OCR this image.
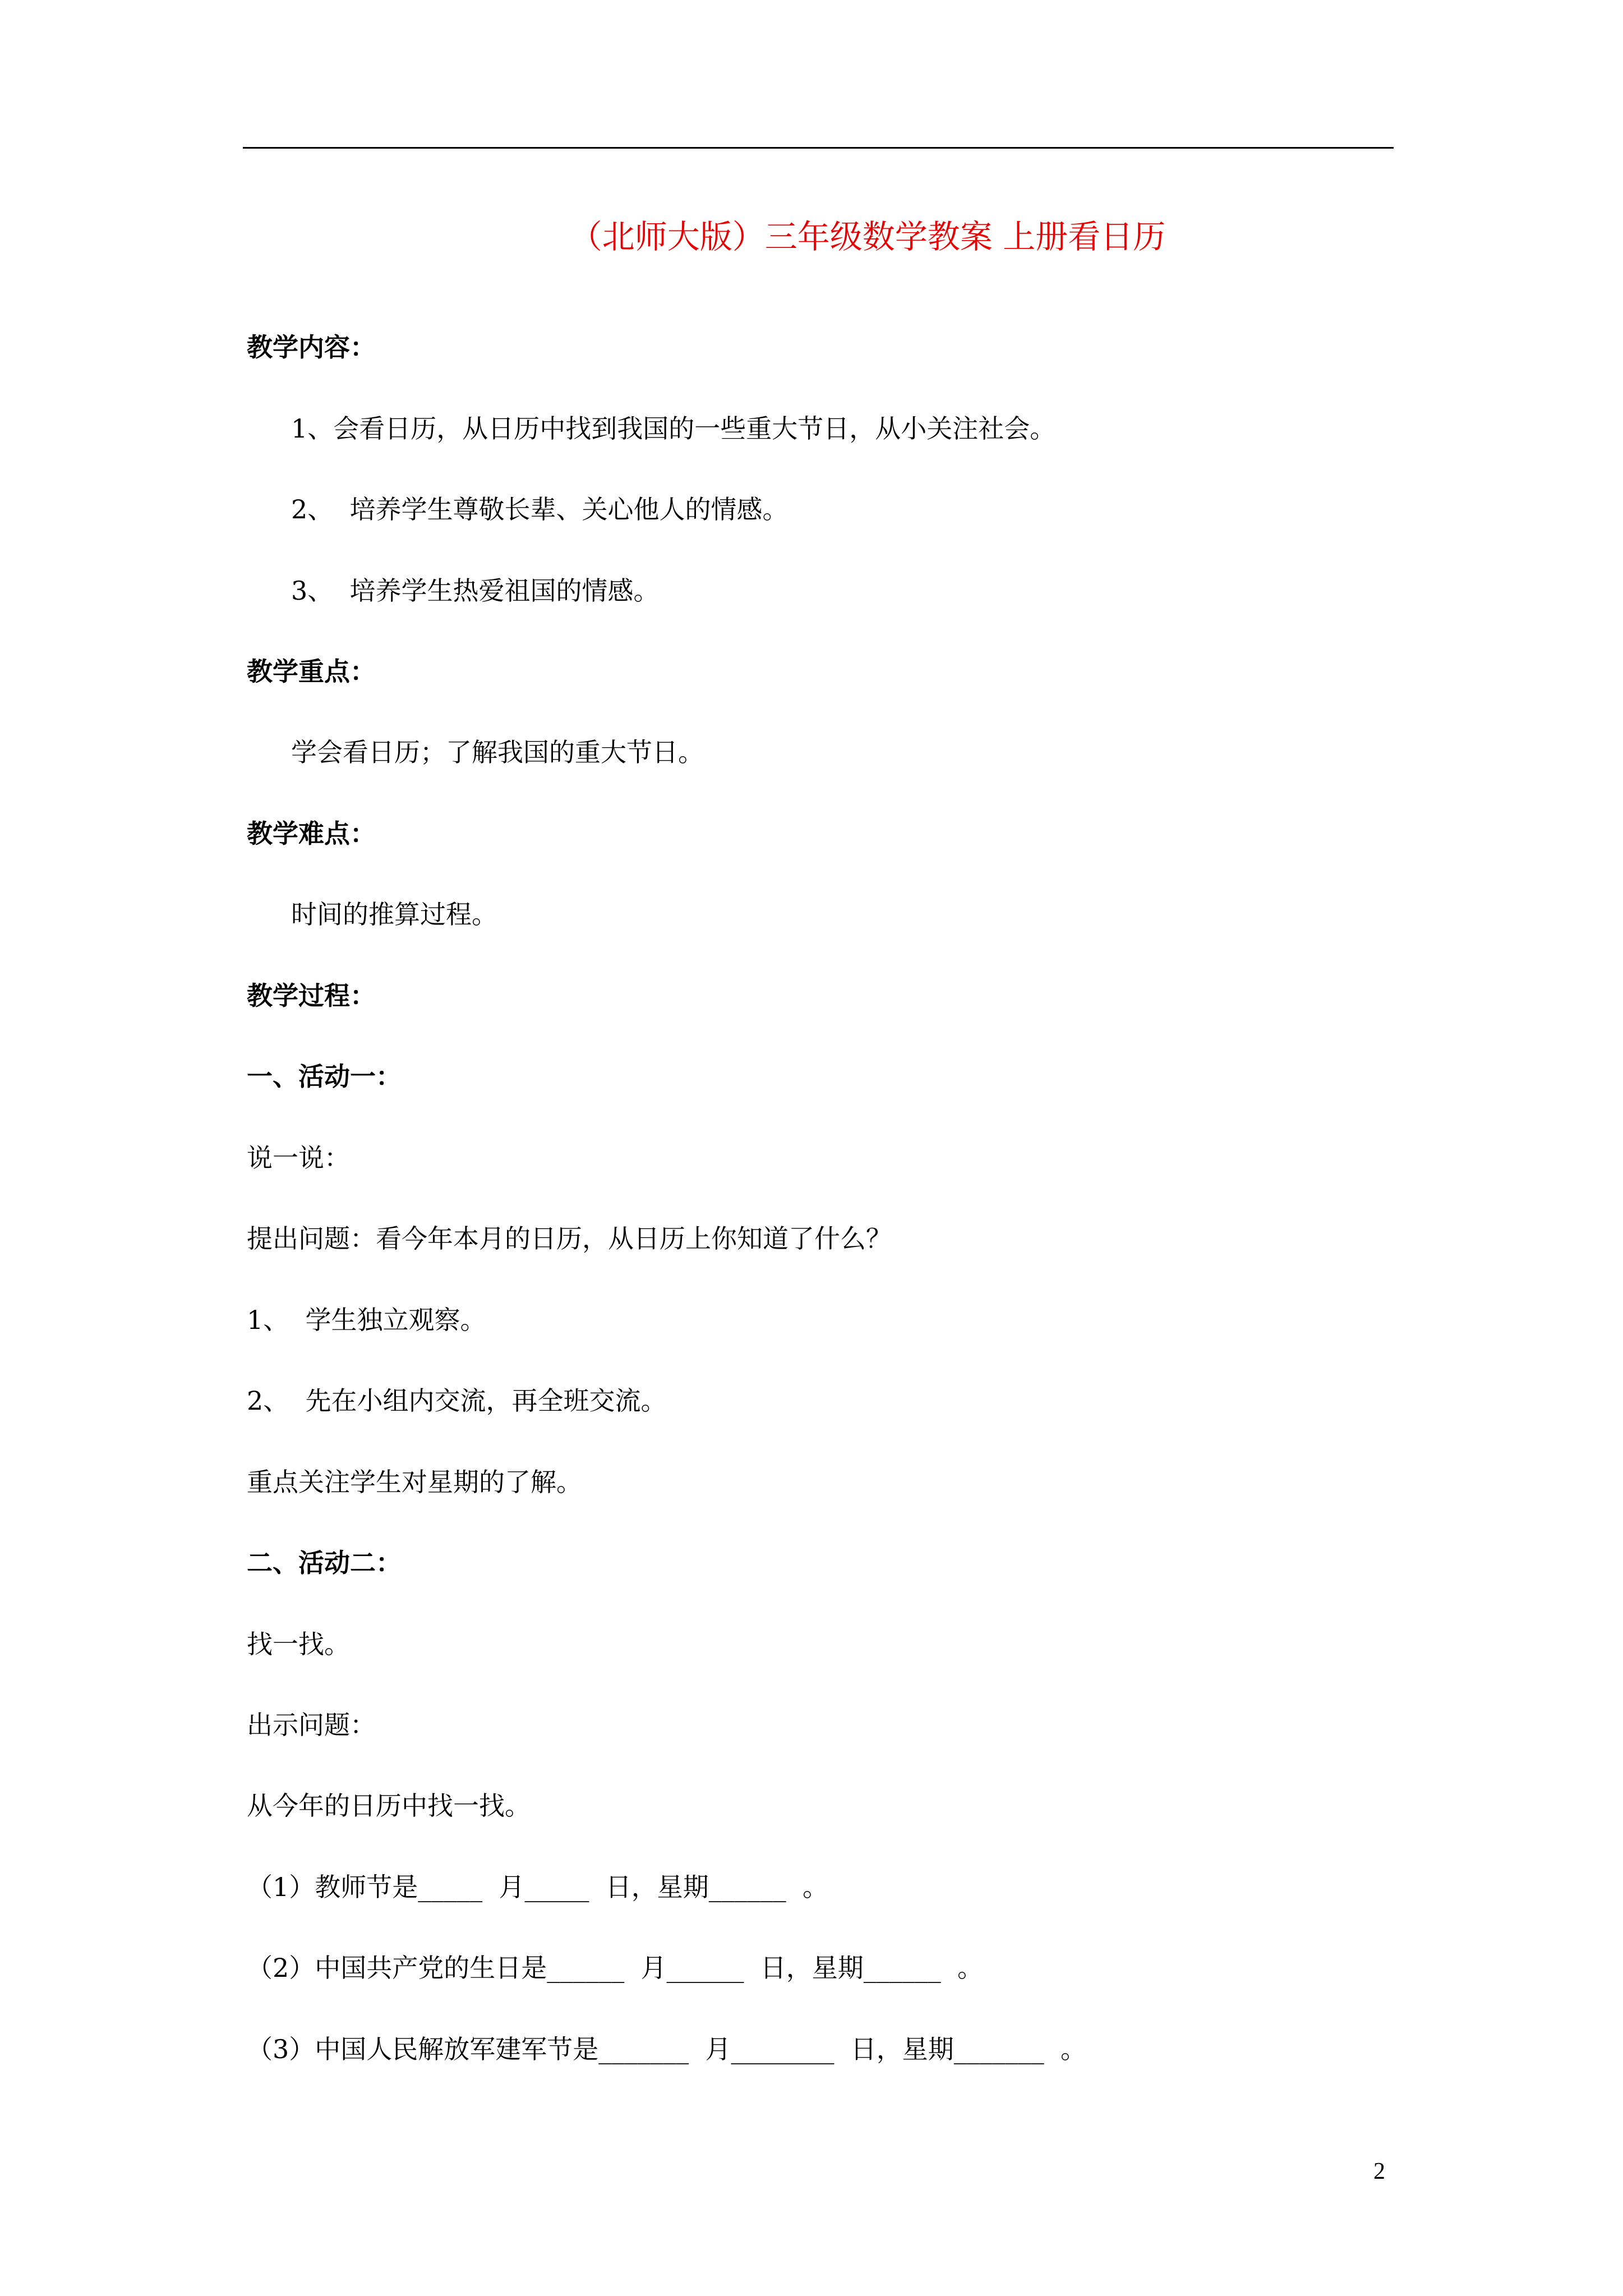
（北师大版）三年级数学教案 上册看日历
教学内容：
1、会看日历，从日历中找到我国的一些重大节日，从小关注社会。
2、  培养学生尊敬长辈、关心他人的情感。
3、  培养学生热爱祖国的情感。
教学重点：
学会看日历；了解我国的重大节日。
教学难点：
时间的推算过程。
教学过程：
一、活动一：
说一说：
提出问题：看今年本月的日历，从日历上你知道了什么？
1、  学生独立观察。
2、  先在小组内交流，再全班交流。
重点关注学生对星期的了解。
二、活动二：
找一找。
出示问题：
从今年的日历中找一找。
（1）教师节是_____  月_____  日，星期______  。
（2）中国共产党的生日是______  月______  日，星期______  。
（3）中国人民解放军建军节是_______  月________  日，星期_______  。
2
